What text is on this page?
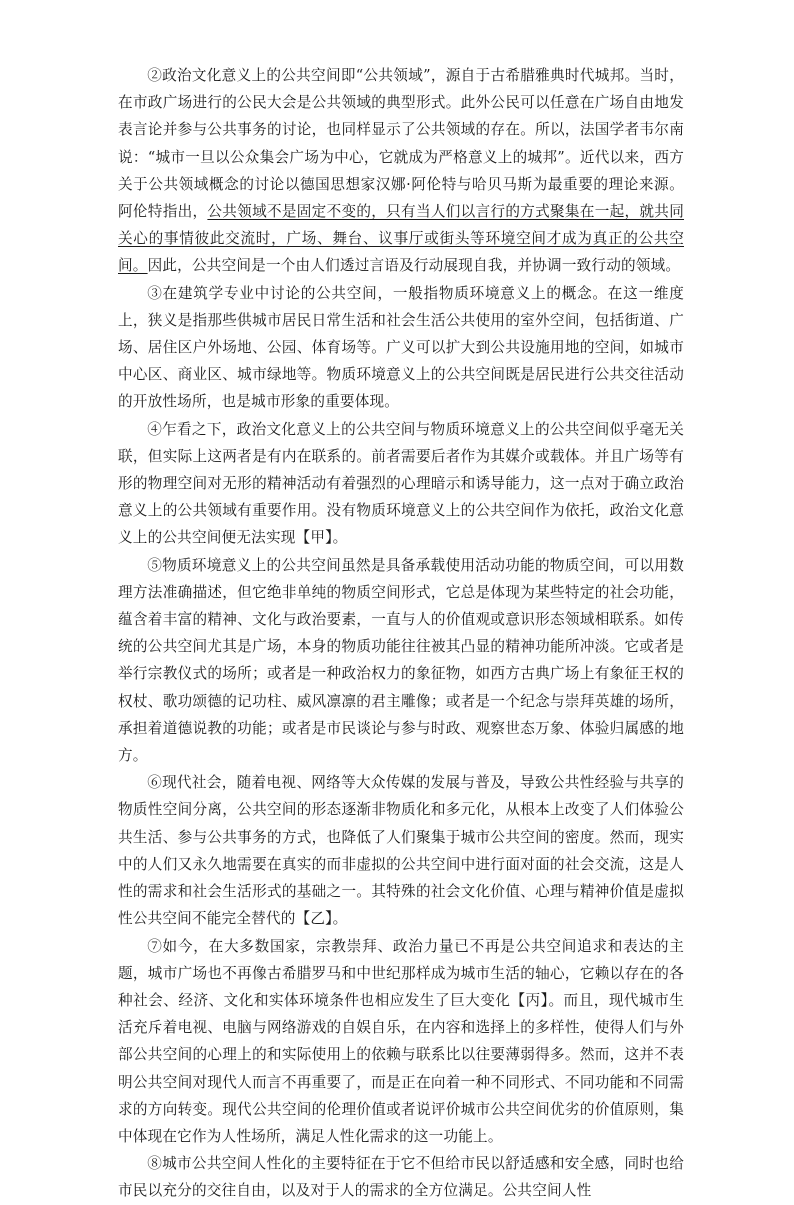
②政治文化意义上的公共空间即“公共领域”，源自于古希腊雅典时代城邦。当时，在市政广场进行的公民大会是公共领域的典型形式。此外公民可以任意在广场自由地发表言论并参与公共事务的讨论，也同样显示了公共领域的存在。所以，法国学者韦尔南说：“城市一旦以公众集会广场为中心，它就成为严格意义上的城邦”。近代以来，西方关于公共领域概念的讨论以德国思想家汉娜·阿伦特与哈贝马斯为最重要的理论来源。阿伦特指出，公共领域不是固定不变的，只有当人们以言行的方式聚集在一起，就共同关心的事情彼此交流时，广场、舞台、议事厅或街头等环境空间才成为真正的公共空间。因此，公共空间是一个由人们透过言语及行动展现自我，并协调一致行动的领域。

③在建筑学专业中讨论的公共空间，一般指物质环境意义上的概念。在这一维度上，狭义是指那些供城市居民日常生活和社会生活公共使用的室外空间，包括街道、广场、居住区户外场地、公园、体育场等。广义可以扩大到公共设施用地的空间，如城市中心区、商业区、城市绿地等。物质环境意义上的公共空间既是居民进行公共交往活动的开放性场所，也是城市形象的重要体现。

④乍看之下，政治文化意义上的公共空间与物质环境意义上的公共空间似乎毫无关联，但实际上这两者是有内在联系的。前者需要后者作为其媒介或载体。并且广场等有形的物理空间对无形的精神活动有着强烈的心理暗示和诱导能力，这一点对于确立政治意义上的公共领域有重要作用。没有物质环境意义上的公共空间作为依托，政治文化意义上的公共空间便无法实现【甲】。

⑤物质环境意义上的公共空间虽然是具备承载使用活动功能的物质空间，可以用数理方法准确描述，但它绝非单纯的物质空间形式，它总是体现为某些特定的社会功能，蕴含着丰富的精神、文化与政治要素，一直与人的价值观或意识形态领域相联系。如传统的公共空间尤其是广场，本身的物质功能往往被其凸显的精神功能所冲淡。它或者是举行宗教仪式的场所；或者是一种政治权力的象征物，如西方古典广场上有象征王权的权杖、歌功颂德的记功柱、威风凛凛的君主雕像；或者是一个纪念与崇拜英雄的场所，承担着道德说教的功能；或者是市民谈论与参与时政、观察世态万象、体验归属感的地方。

⑥现代社会，随着电视、网络等大众传媒的发展与普及，导致公共性经验与共享的物质性空间分离，公共空间的形态逐渐非物质化和多元化，从根本上改变了人们体验公共生活、参与公共事务的方式，也降低了人们聚集于城市公共空间的密度。然而，现实中的人们又永久地需要在真实的而非虚拟的公共空间中进行面对面的社会交流，这是人性的需求和社会生活形式的基础之一。其特殊的社会文化价值、心理与精神价值是虚拟性公共空间不能完全替代的【乙】。

⑦如今，在大多数国家，宗教崇拜、政治力量已不再是公共空间追求和表达的主题，城市广场也不再像古希腊罗马和中世纪那样成为城市生活的轴心，它赖以存在的各种社会、经济、文化和实体环境条件也相应发生了巨大变化【丙】。而且，现代城市生活充斥着电视、电脑与网络游戏的自娱自乐，在内容和选择上的多样性，使得人们与外部公共空间的心理上的和实际使用上的依赖与联系比以往要薄弱得多。然而，这并不表明公共空间对现代人而言不再重要了，而是正在向着一种不同形式、不同功能和不同需求的方向转变。现代公共空间的伦理价值或者说评价城市公共空间优劣的价值原则，集中体现在它作为人性场所，满足人性化需求的这一功能上。

⑧城市公共空间人性化的主要特征在于它不但给市民以舒适感和安全感，同时也给市民以充分的交往自由，以及对于人的需求的全方位满足。公共空间人性
